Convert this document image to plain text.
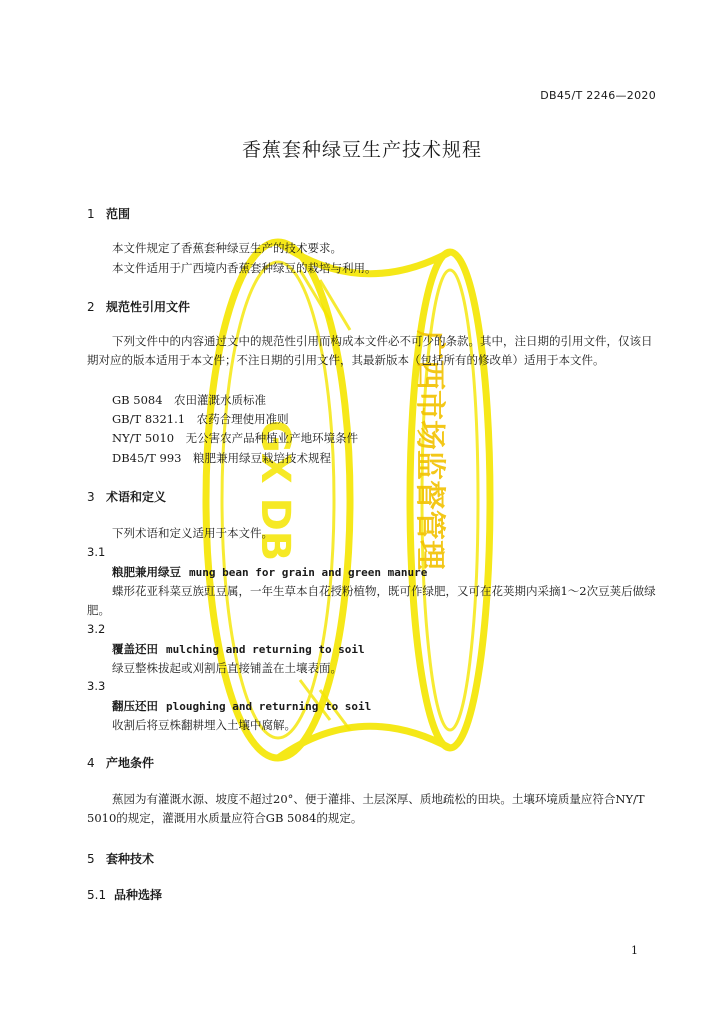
GX DB	广西市场监督管理
DB45/T 2246—2020
香蕉套种绿豆生产技术规程
1 范围
本文件规定了香蕉套种绿豆生产的技术要求。
本文件适用于广西境内香蕉套种绿豆的栽培与利用。
2 规范性引用文件
下列文件中的内容通过文中的规范性引用而构成本文件必不可少的条款。其中，注日期的引用文件，仅该日期对应的版本适用于本文件；不注日期的引用文件，其最新版本（包括所有的修改单）适用于本文件。
GB 5084　农田灌溉水质标准
GB/T 8321.1　农药合理使用准则
NY/T 5010　无公害农产品种植业产地环境条件
DB45/T 993　粮肥兼用绿豆栽培技术规程
3 术语和定义
下列术语和定义适用于本文件。
3.1
粮肥兼用绿豆 mung bean for grain and green manure
蝶形花亚科菜豆族豇豆属，一年生草本自花授粉植物，既可作绿肥，又可在花荚期内采摘1～2次豆荚后做绿肥。
3.2
覆盖还田 mulching and returning to soil
绿豆整株拔起或刈割后直接铺盖在土壤表面。
3.3
翻压还田 ploughing and returning to soil
收割后将豆株翻耕埋入土壤中腐解。
4 产地条件
蕉园为有灌溉水源、坡度不超过20°、便于灌排、土层深厚、质地疏松的田块。土壤环境质量应符合NY/T 5010的规定，灌溉用水质量应符合GB 5084的规定。
5 套种技术
5.1 品种选择
1
